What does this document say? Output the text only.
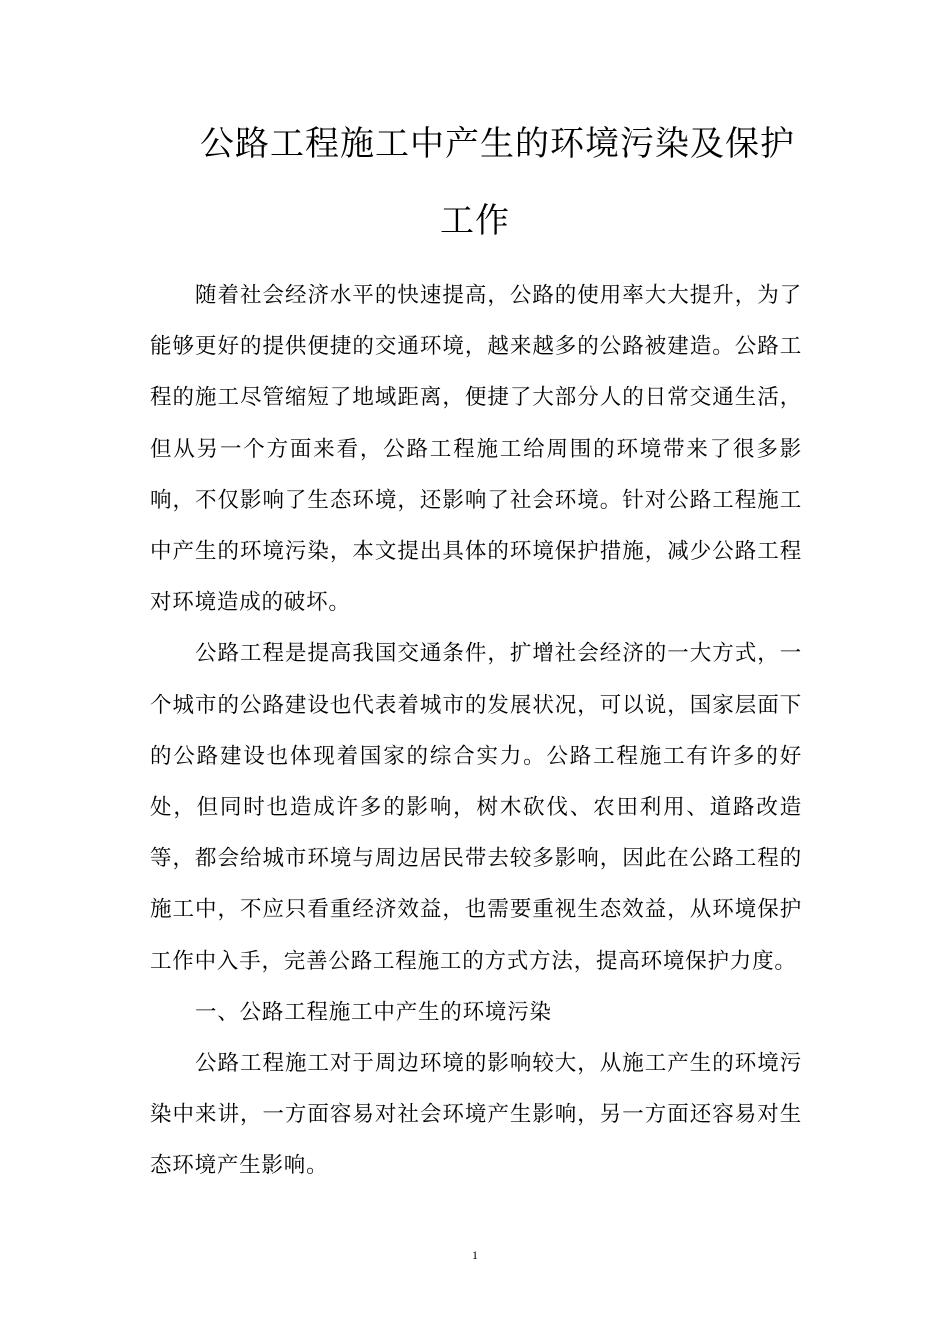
公路工程施工中产生的环境污染及保护
工作

随着社会经济水平的快速提高，公路的使用率大大提升，为了能够更好的提供便捷的交通环境，越来越多的公路被建造。公路工程的施工尽管缩短了地域距离，便捷了大部分人的日常交通生活，但从另一个方面来看，公路工程施工给周围的环境带来了很多影响，不仅影响了生态环境，还影响了社会环境。针对公路工程施工中产生的环境污染，本文提出具体的环境保护措施，减少公路工程对环境造成的破坏。

公路工程是提高我国交通条件，扩增社会经济的一大方式，一个城市的公路建设也代表着城市的发展状况，可以说，国家层面下的公路建设也体现着国家的综合实力。公路工程施工有许多的好处，但同时也造成许多的影响，树木砍伐、农田利用、道路改造等，都会给城市环境与周边居民带去较多影响，因此在公路工程的施工中，不应只看重经济效益，也需要重视生态效益，从环境保护工作中入手，完善公路工程施工的方式方法，提高环境保护力度。

一、公路工程施工中产生的环境污染

公路工程施工对于周边环境的影响较大，从施工产生的环境污染中来讲，一方面容易对社会环境产生影响，另一方面还容易对生态环境产生影响。

1
